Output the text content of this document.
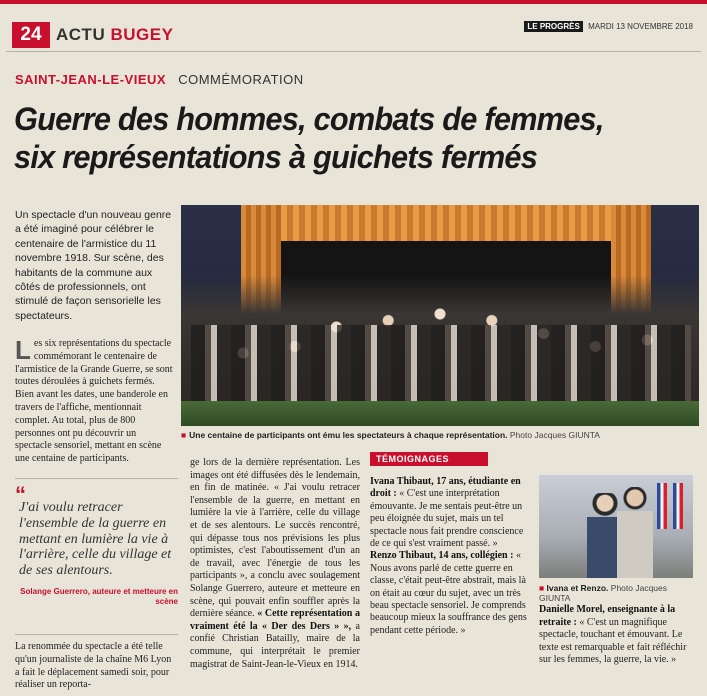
24 ACTU BUGEY	LE PROGRÈS MARDI 13 NOVEMBRE 2018
SAINT-JEAN-LE-VIEUX COMMÉMORATION
Guerre des hommes, combats de femmes,
six représentations à guichets fermés
Un spectacle d'un nouveau genre a été imaginé pour célébrer le centenaire de l'armistice du 11 novembre 1918. Sur scène, des habitants de la commune aux côtés de professionnels, ont stimulé de façon sensorielle les spectateurs.
Les six représentations du spectacle commémorant le centenaire de l'armistice de la Grande Guerre, se sont toutes déroulées à guichets fermés. Bien avant les dates, une banderole en travers de l'affiche, mentionnait complet. Au total, plus de 800 personnes ont pu découvrir un spectacle sensoriel, mettant en scène une centaine de participants.
■ Une centaine de participants ont ému les spectateurs à chaque représentation. Photo Jacques GIUNTA
“
J'ai voulu retracer l'ensemble de la guerre en mettant en lumière la vie à l'arrière, celle du village et de ses alentours.
Solange Guerrero, auteure et metteure en scène
La renommée du spectacle a été telle qu'un journaliste de la chaîne M6 Lyon a fait le déplacement samedi soir, pour réaliser un reporta-
ge lors de la dernière représentation. Les images ont été diffusées dès le lendemain, en fin de matinée. « J'ai voulu retracer l'ensemble de la guerre, en mettant en lumière la vie à l'arrière, celle du village et de ses alentours. Le succès rencontré, qui dépasse tous nos prévisions les plus optimistes, c'est l'aboutissement d'un an de travail, avec l'énergie de tous les participants », a conclu avec soulagement Solange Guerrero, auteure et metteure en scène, qui pouvait enfin souffler après la dernière séance. « Cette représentation a vraiment été la « Der des Ders » », a confié Christian Batailly, maire de la commune, qui interprétait le premier magistrat de Saint-Jean-le-Vieux en 1914.
TÉMOIGNAGES
Ivana Thibaut, 17 ans, étudiante en droit : « C'est une interprétation émouvante. Je me sentais peut-être un peu éloignée du sujet, mais un tel spectacle nous fait prendre conscience de ce qui s'est vraiment passé. »
Renzo Thibaut, 14 ans, collégien : « Nous avons parlé de cette guerre en classe, c'était peut-être abstrait, mais là on était au cœur du sujet, avec un très beau spectacle sensoriel. Je comprends beaucoup mieux la souffrance des gens pendant cette période. »
■ Ivana et Renzo. Photo Jacques GIUNTA
Danielle Morel, enseignante à la retraite : « C'est un magnifique spectacle, touchant et émouvant. Le texte est remarquable et fait réfléchir sur les femmes, la guerre, la vie. »
